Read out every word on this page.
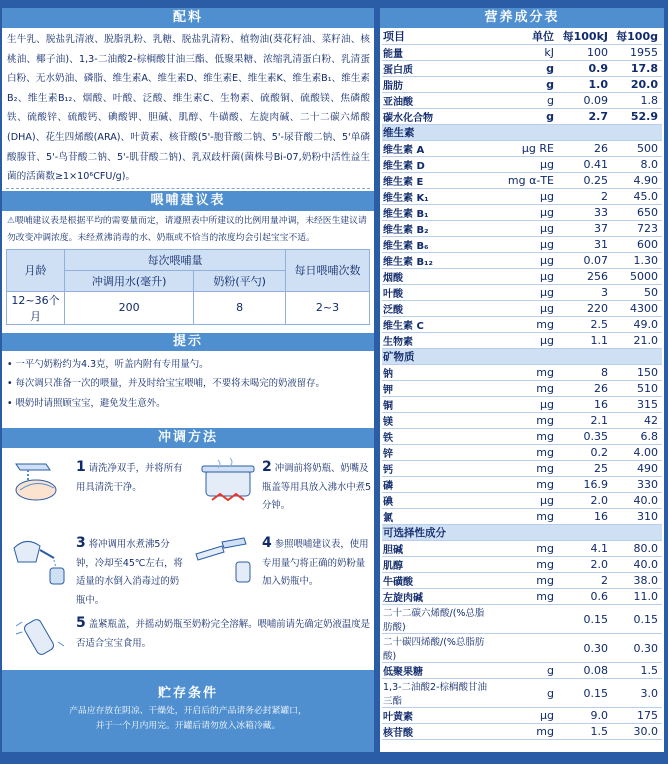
配料
生牛乳、脱盐乳清液、脱脂乳粉、乳糖、脱盐乳清粉、植物油(葵花籽油、菜籽油、核桃油、椰子油)、1,3-二油酸2-棕榈酸甘油三酯、低聚果糖、浓缩乳清蛋白粉、乳清蛋白粉、无水奶油、磷脂、维生素A、维生素D、维生素E、维生素K、维生素B₁、维生素B₂、维生素B₁₂、烟酸、叶酸、泛酸、维生素C、生物素、硫酸铜、硫酸镁、焦磷酸铁、硫酸锌、硫酸钙、碘酸钾、胆碱、肌醇、牛磺酸、左旋肉碱、二十二碳六烯酸(DHA)、花生四烯酸(ARA)、叶黄素、核苷酸(5'-胞苷酸二钠、5'-尿苷酸二钠、5'单磷酸腺苷、5'-鸟苷酸二钠、5'-肌苷酸二钠)、乳双歧杆菌(菌株号Bi-07,奶粉中活性益生菌的活菌数≥1×10⁶CFU/g)。
喂哺建议表
⚠喂哺建议表是根据平均的需要量而定，请遵照表中所建议的比例用量冲调，未经医生建议请勿改变冲调浓度。未经煮沸消毒的水、奶瓶或不恰当的浓度均会引起宝宝不适。
月龄	每次喂哺量		每日喂哺次数
	冲调用水(毫升)	奶粉(平勺)	
12~36个月	200	8	2~3
提示
• 一平勺奶粉约为4.3克，听盖内附有专用量勺。
• 每次调只准备一次的喂量，并及时给宝宝喂哺，不要将未喝完的奶液留存。
• 喂奶时请照顾宝宝，避免发生意外。
冲调方法
1 请洗净双手，并将所有用具清洗干净。
2 冲调前将奶瓶、奶嘴及瓶盖等用具放入沸水中煮5分钟。
3 将冲调用水煮沸5分钟，冷却至45℃左右，将适量的水倒入消毒过的奶瓶中。
4 参照喂哺建议表，使用专用量勺将正确的奶粉量加入奶瓶中。
5 盖紧瓶盖，并摇动奶瓶至奶粉完全溶解。喂哺前请先确定奶液温度是否适合宝宝食用。
贮存条件
产品应存放在阴凉、干燥处，开启后的产品请务必封紧罐口，
并于一个月内用完。开罐后请勿放入冰箱冷藏。
营养成分表
项目	单位	每100kJ	每100g
能量	kJ	100	1955
蛋白质	g	0.9	17.8
脂肪	g	1.0	20.0
亚油酸	g	0.09	1.8
碳水化合物	g	2.7	52.9
维生素			
维生素 A	μg RE	26	500
维生素 D	μg	0.41	8.0
维生素 E	mg α-TE	0.25	4.90
维生素 K₁	μg	2	45.0
维生素 B₁	μg	33	650
维生素 B₂	μg	37	723
维生素 B₆	μg	31	600
维生素 B₁₂	μg	0.07	1.30
烟酸	μg	256	5000
叶酸	μg	3	50
泛酸	μg	220	4300
维生素 C	mg	2.5	49.0
生物素	μg	1.1	21.0
矿物质			
钠	mg	8	150
钾	mg	26	510
铜	μg	16	315
镁	mg	2.1	42
铁	mg	0.35	6.8
锌	mg	0.2	4.00
钙	mg	25	490
磷	mg	16.9	330
碘	μg	2.0	40.0
氯	mg	16	310
可选择性成分			
胆碱	mg	4.1	80.0
肌醇	mg	2.0	40.0
牛磺酸	mg	2	38.0
左旋肉碱	mg	0.6	11.0
二十二碳六烯酸/(%总脂肪酸)		0.15	0.15
二十碳四烯酸/(%总脂肪酸)		0.30	0.30
低聚果糖	g	0.08	1.5
1,3-二油酸2-棕榈酸甘油三酯	g	0.15	3.0
叶黄素	μg	9.0	175
核苷酸	mg	1.5	30.0
